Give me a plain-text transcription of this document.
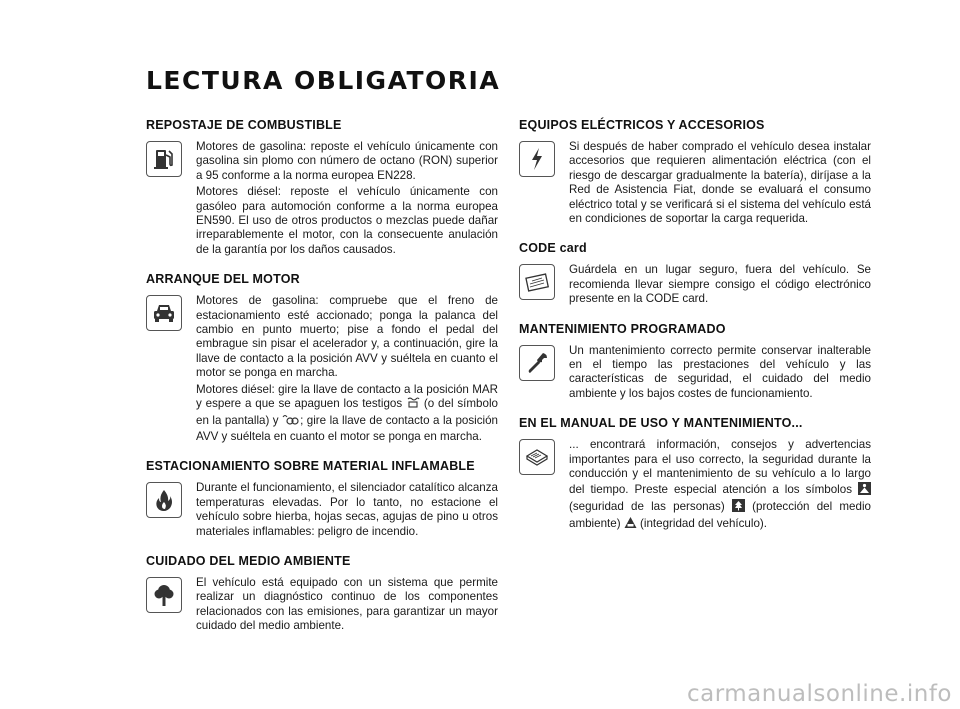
LECTURA OBLIGATORIA
REPOSTAJE DE COMBUSTIBLE

Motores de gasolina: reposte el vehículo únicamente con gasolina sin plomo con número de octano (RON) superior a 95 conforme a la norma europea EN228.

Motores diésel: reposte el vehículo únicamente con gasóleo para automoción conforme a la norma europea EN590. El uso de otros productos o mezclas puede dañar irreparablemente el motor, con la consecuente anulación de la garantía por los daños causados.

ARRANQUE DEL MOTOR

Motores de gasolina: compruebe que el freno de estacionamiento esté accionado; ponga la palanca del cambio en punto muerto; pise a fondo el pedal del embrague sin pisar el acelerador y, a continuación, gire la llave de contacto a la posición AVV y suéltela en cuanto el motor se ponga en marcha.

Motores diésel: gire la llave de contacto a la posición MAR y espere a que se apaguen los testigos (o del símbolo en la pantalla) y ; gire la llave de contacto a la posición AVV y suéltela en cuanto el motor se ponga en marcha.

ESTACIONAMIENTO SOBRE MATERIAL INFLAMABLE

Durante el funcionamiento, el silenciador catalítico alcanza temperaturas elevadas. Por lo tanto, no estacione el vehículo sobre hierba, hojas secas, agujas de pino u otros materiales inflamables: peligro de incendio.

CUIDADO DEL MEDIO AMBIENTE

El vehículo está equipado con un sistema que permite realizar un diagnóstico continuo de los componentes relacionados con las emisiones, para garantizar un mayor cuidado del medio ambiente.

EQUIPOS ELÉCTRICOS Y ACCESORIOS

Si después de haber comprado el vehículo desea instalar accesorios que requieren alimentación eléctrica (con el riesgo de descargar gradualmente la batería), diríjase a la Red de Asistencia Fiat, donde se evaluará el consumo eléctrico total y se verificará si el sistema del vehículo está en condiciones de soportar la carga requerida.

CODE card

Guárdela en un lugar seguro, fuera del vehículo. Se recomienda llevar siempre consigo el código electrónico presente en la CODE card.

MANTENIMIENTO PROGRAMADO

Un mantenimiento correcto permite conservar inalterable en el tiempo las prestaciones del vehículo y las características de seguridad, el cuidado del medio ambiente y los bajos costes de funcionamiento.

EN EL MANUAL DE USO Y MANTENIMIENTO...

... encontrará información, consejos y advertencias importantes para el uso correcto, la seguridad durante la conducción y el mantenimiento de su vehículo a lo largo del tiempo. Preste especial atención a los símbolos  (seguridad de las personas) (protección del medio ambiente) (integridad del vehículo).

carmanualsonline.info
